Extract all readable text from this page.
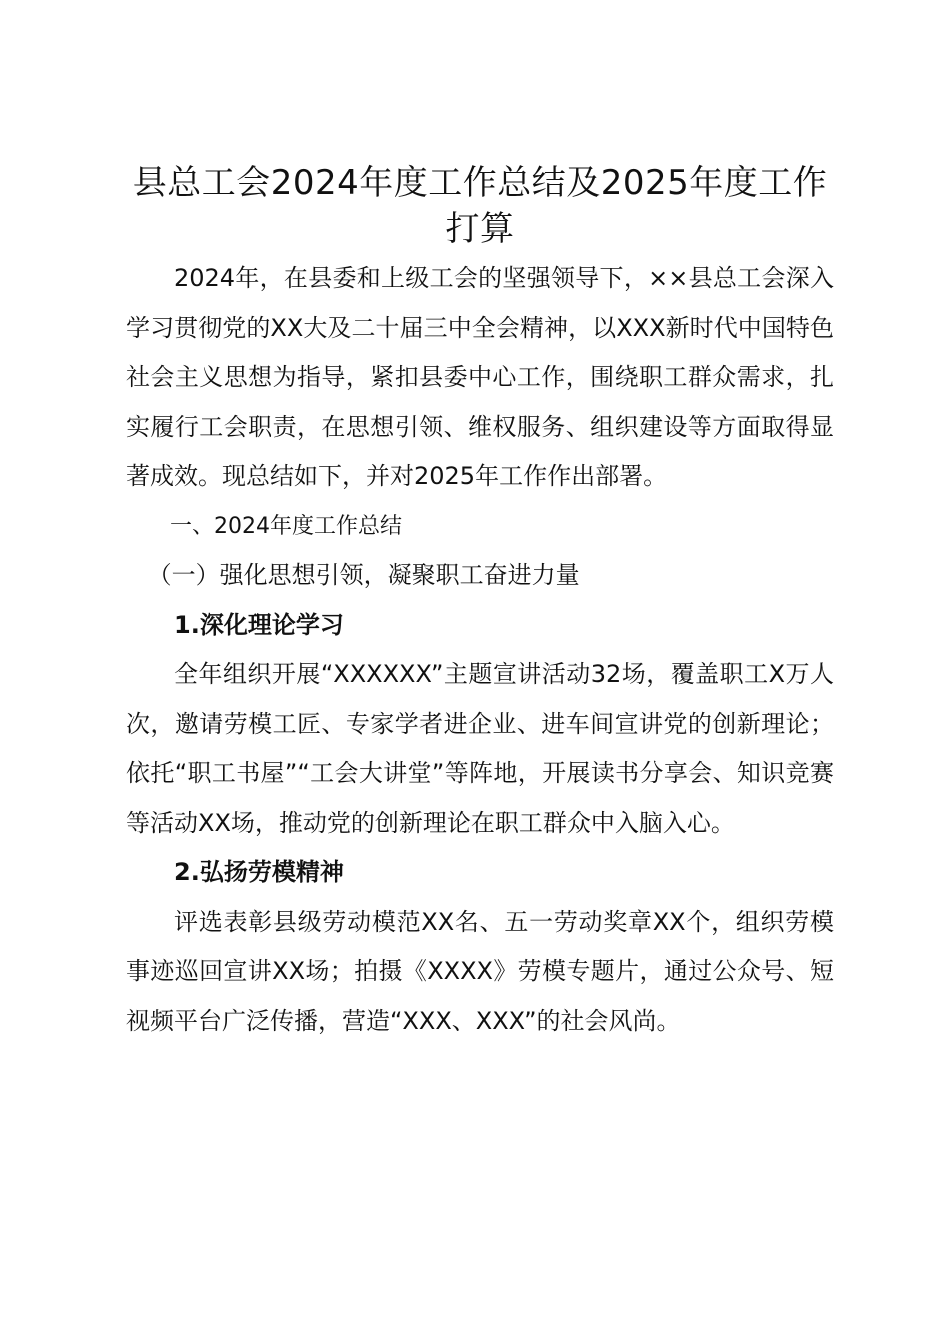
县总工会2024年度工作总结及2025年度工作打算

2024年，在县委和上级工会的坚强领导下，××县总工会深入学习贯彻党的XX大及二十届三中全会精神，以XXX新时代中国特色社会主义思想为指导，紧扣县委中心工作，围绕职工群众需求，扎实履行工会职责，在思想引领、维权服务、组织建设等方面取得显著成效。现总结如下，并对2025年工作作出部署。

一、2024年度工作总结

（一）强化思想引领，凝聚职工奋进力量

1.深化理论学习

全年组织开展“XXXXXX”主题宣讲活动32场，覆盖职工X万人次，邀请劳模工匠、专家学者进企业、进车间宣讲党的创新理论；依托“职工书屋”“工会大讲堂”等阵地，开展读书分享会、知识竞赛等活动XX场，推动党的创新理论在职工群众中入脑入心。

2.弘扬劳模精神

评选表彰县级劳动模范XX名、五一劳动奖章XX个，组织劳模事迹巡回宣讲XX场；拍摄《XXXX》劳模专题片，通过公众号、短视频平台广泛传播，营造“XXX、XXX”的社会风尚。
